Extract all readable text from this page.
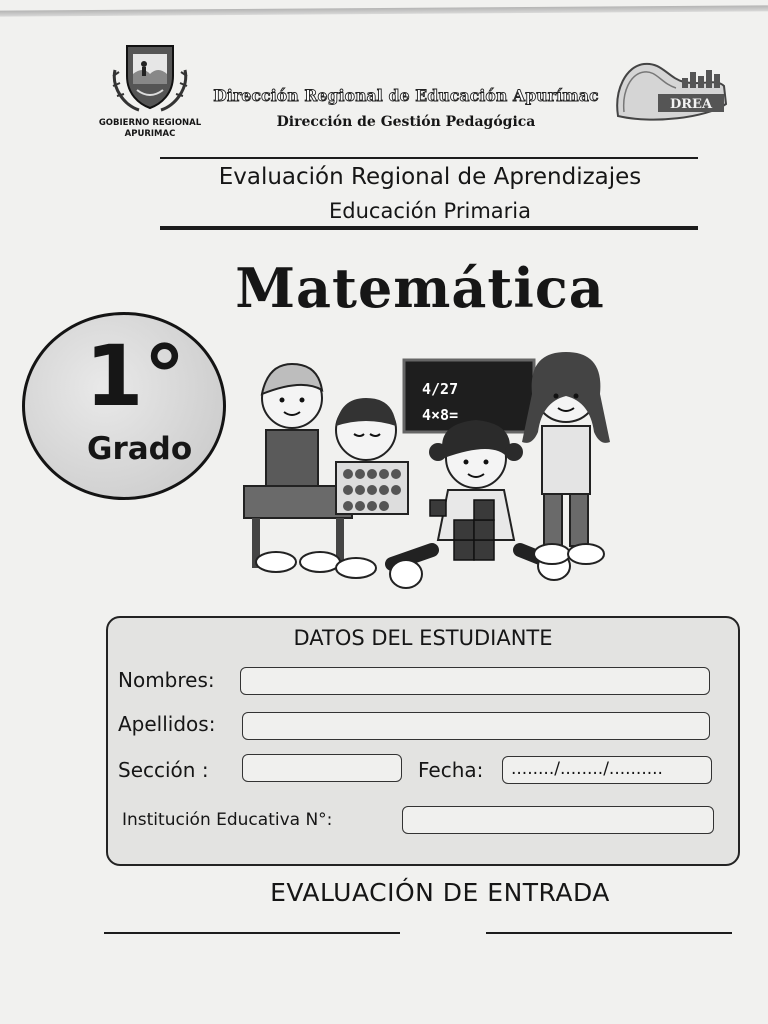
GOBIERNO REGIONAL
APURIMAC
Dirección Regional de Educación Apurímac
Dirección de Gestión Pedagógica
DREA
Evaluación Regional de Aprendizajes
Educación Primaria
Matemática
1°
Grado
4/27
4×8=
DATOS DEL ESTUDIANTE
Nombres:
Apellidos:
Sección :	Fecha: ......../......../..........
Institución Educativa N°:
EVALUACIÓN DE ENTRADA
